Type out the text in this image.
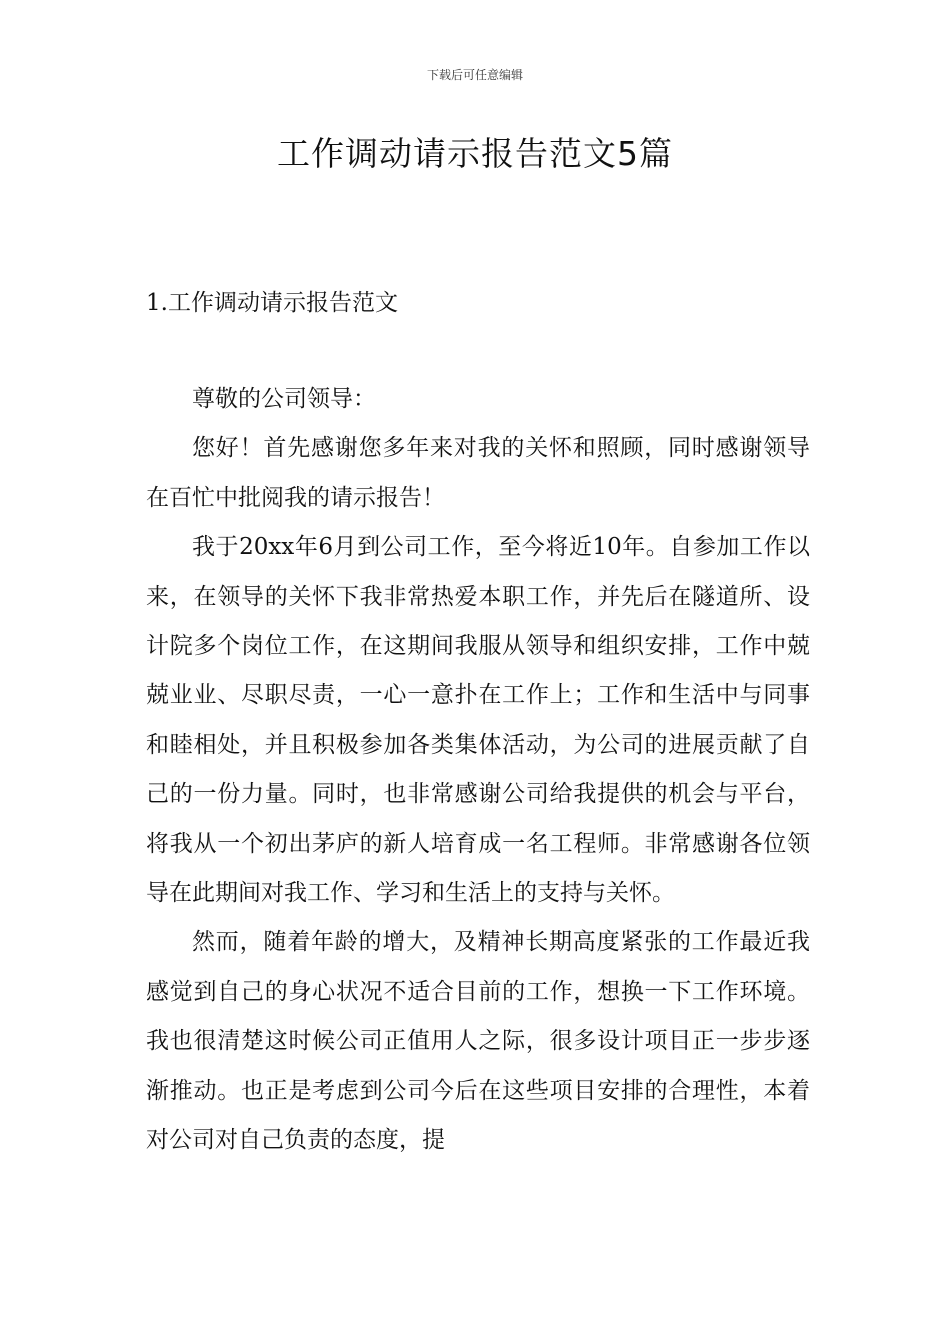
下载后可任意编辑
工作调动请示报告范文5篇
1.工作调动请示报告范文

尊敬的公司领导：

您好！首先感谢您多年来对我的关怀和照顾，同时感谢领导在百忙中批阅我的请示报告！

我于20xx年6月到公司工作，至今将近10年。自参加工作以来，在领导的关怀下我非常热爱本职工作，并先后在隧道所、设计院多个岗位工作，在这期间我服从领导和组织安排，工作中兢兢业业、尽职尽责，一心一意扑在工作上；工作和生活中与同事和睦相处，并且积极参加各类集体活动，为公司的进展贡献了自己的一份力量。同时，也非常感谢公司给我提供的机会与平台，将我从一个初出茅庐的新人培育成一名工程师。非常感谢各位领导在此期间对我工作、学习和生活上的支持与关怀。

然而，随着年龄的增大，及精神长期高度紧张的工作最近我感觉到自己的身心状况不适合目前的工作，想换一下工作环境。我也很清楚这时候公司正值用人之际，很多设计项目正一步步逐渐推动。也正是考虑到公司今后在这些项目安排的合理性，本着对公司对自己负责的态度，提
